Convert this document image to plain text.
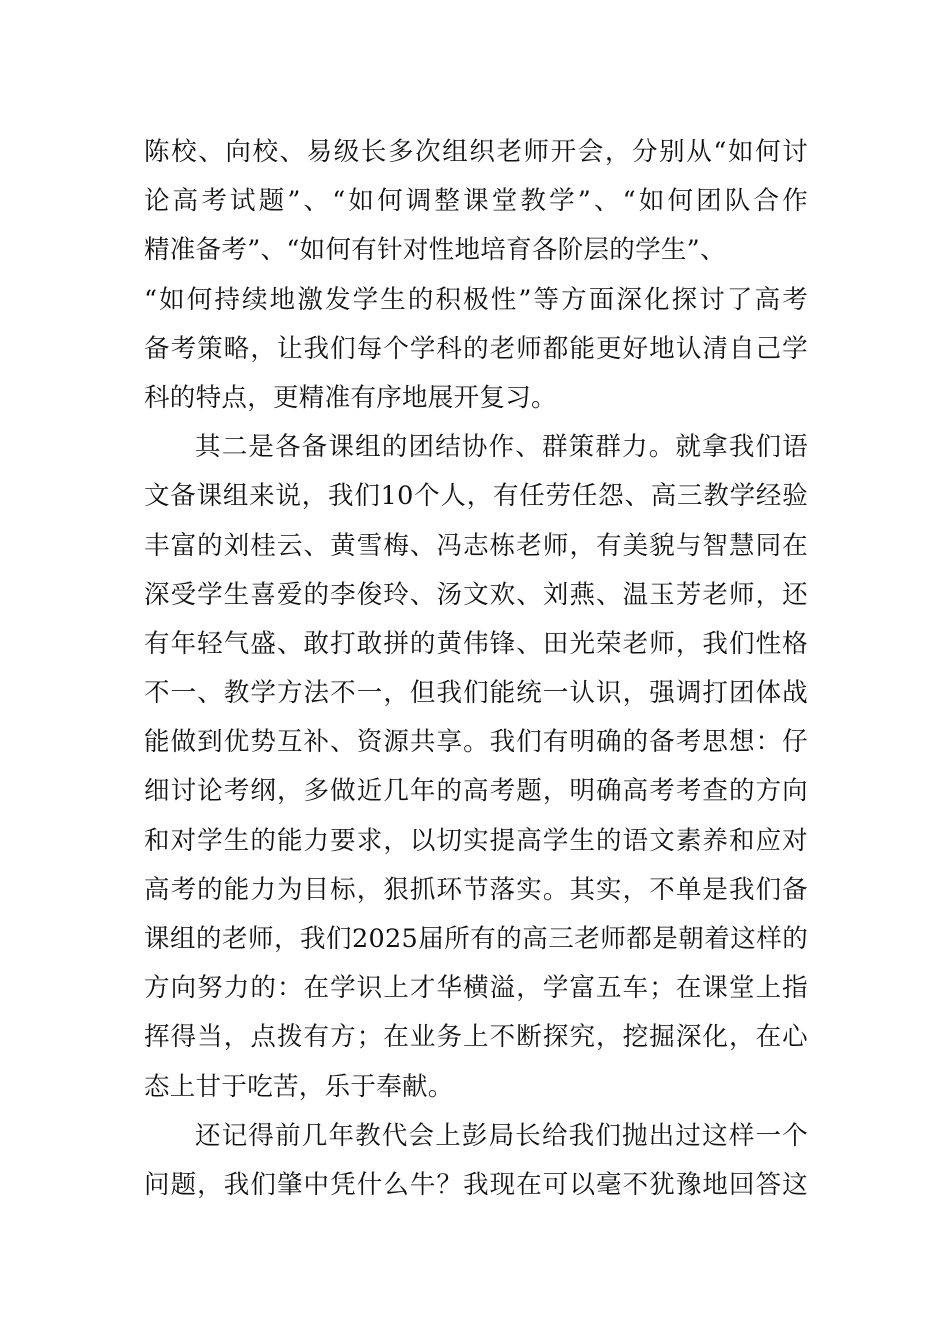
陈校、向校、易级长多次组织老师开会，分别从“如何讨
论高考试题”、“如何调整课堂教学”、“如何团队合作
精准备考”、“如何有针对性地培育各阶层的学生”、
“如何持续地激发学生的积极性”等方面深化探讨了高考
备考策略，让我们每个学科的老师都能更好地认清自己学
科的特点，更精准有序地展开复习。
其二是各备课组的团结协作、群策群力。就拿我们语
文备课组来说，我们10个人，有任劳任怨、高三教学经验
丰富的刘桂云、黄雪梅、冯志栋老师，有美貌与智慧同在
深受学生喜爱的李俊玲、汤文欢、刘燕、温玉芳老师，还
有年轻气盛、敢打敢拼的黄伟锋、田光荣老师，我们性格
不一、教学方法不一，但我们能统一认识，强调打团体战
能做到优势互补、资源共享。我们有明确的备考思想：仔
细讨论考纲，多做近几年的高考题，明确高考考查的方向
和对学生的能力要求，以切实提高学生的语文素养和应对
高考的能力为目标，狠抓环节落实。其实，不单是我们备
课组的老师，我们2025届所有的高三老师都是朝着这样的
方向努力的：在学识上才华横溢，学富五车；在课堂上指
挥得当，点拨有方；在业务上不断探究，挖掘深化，在心
态上甘于吃苦，乐于奉献。
还记得前几年教代会上彭局长给我们抛出过这样一个
问题，我们肇中凭什么牛？我现在可以毫不犹豫地回答这
